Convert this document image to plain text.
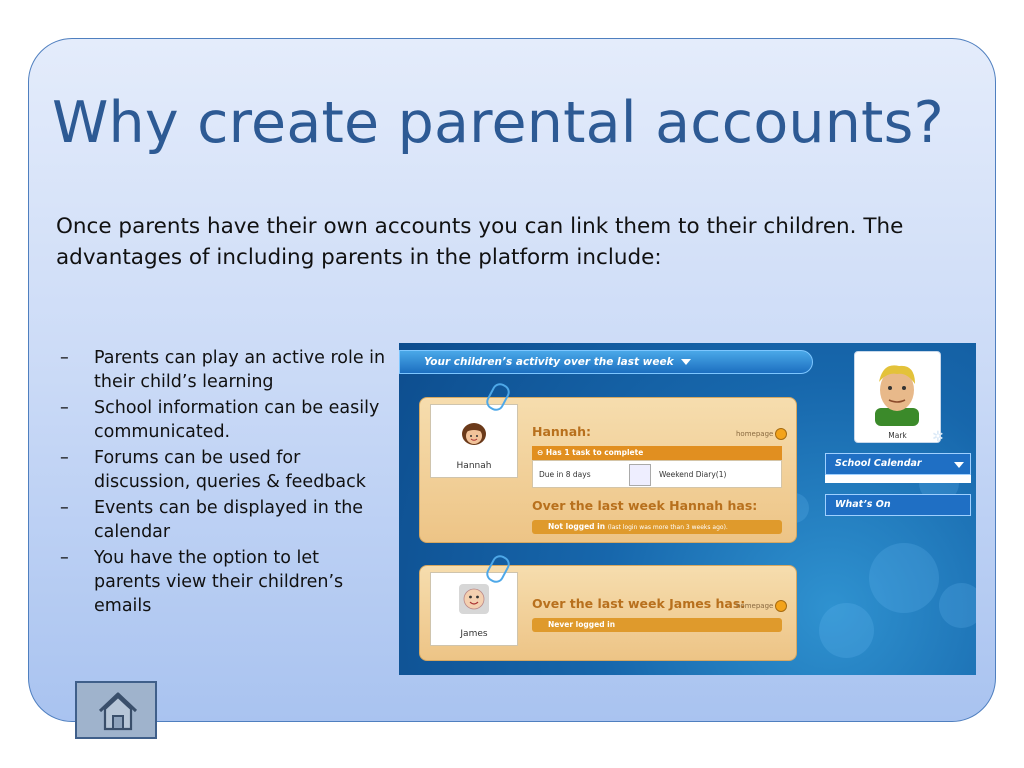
Why create parental accounts?
Once parents have their own accounts you can link them to their children. The advantages of including parents in the platform include:
– Parents can play an active role in their child’s learning
– School information can be easily communicated.
– Forums can be used for discussion, queries & feedback
– Events can be displayed in the calendar
– You have the option to let parents view their children’s emails
Your children’s activity over the last week
Hannah
Hannah:	homepage
⊖ Has 1 task to complete
Due in 8 days	Weekend Diary(1)
Over the last week Hannah has:
Not logged in (last login was more than 3 weeks ago).
James
Over the last week James has:
homepage
Never logged in
Mark	✲
School Calendar
What’s On
